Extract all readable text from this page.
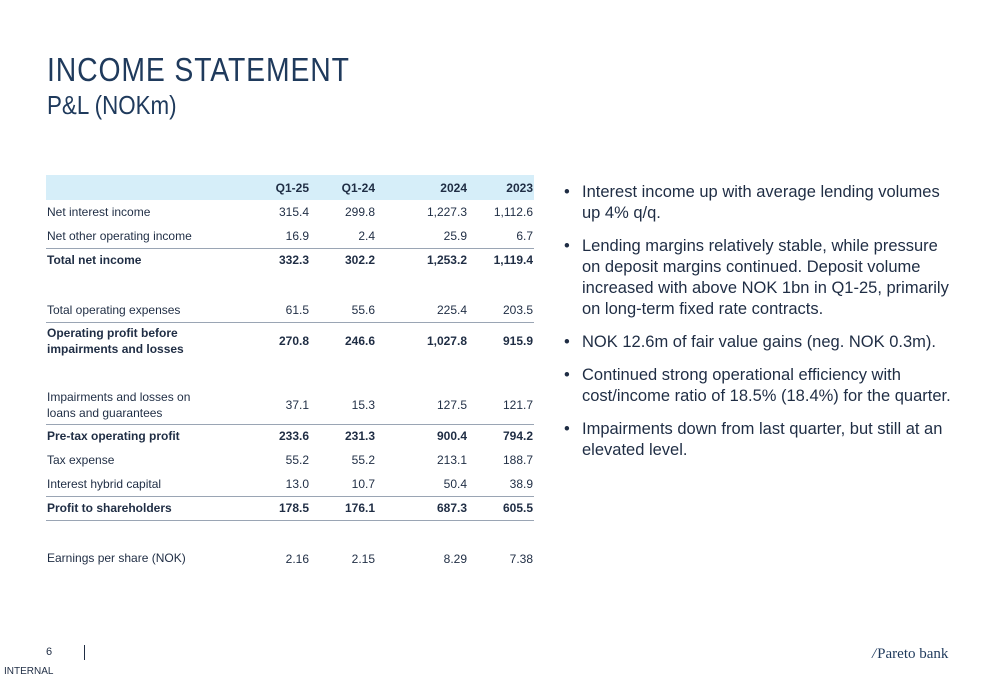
INCOME STATEMENT
P&L (NOKm)
	Q1-25	Q1-24	2024	2023
Net interest income	315.4	299.8	1,227.3	1,112.6
Net other operating income	16.9	2.4	25.9	6.7
Total net income	332.3	302.2	1,253.2	1,119.4

Total operating expenses	61.5	55.6	225.4	203.5
Operating profit before impairments and losses	270.8	246.6	1,027.8	915.9

Impairments and losses on loans and guarantees	37.1	15.3	127.5	121.7
Pre-tax operating profit	233.6	231.3	900.4	794.2
Tax expense	55.2	55.2	213.1	188.7
Interest hybrid capital	13.0	10.7	50.4	38.9
Profit to shareholders	178.5	176.1	687.3	605.5

Earnings per share (NOK)	2.16	2.15	8.29	7.38
• Interest income up with average lending volumes up 4% q/q.
• Lending margins relatively stable, while pressure on deposit margins continued. Deposit volume increased with above NOK 1bn in Q1-25, primarily on long-term fixed rate contracts.
• NOK 12.6m of fair value gains (neg. NOK 0.3m).
• Continued strong operational efficiency with cost/income ratio of 18.5% (18.4%) for the quarter.
• Impairments down from last quarter, but still at an elevated level.
6
INTERNAL
/Pareto bank
